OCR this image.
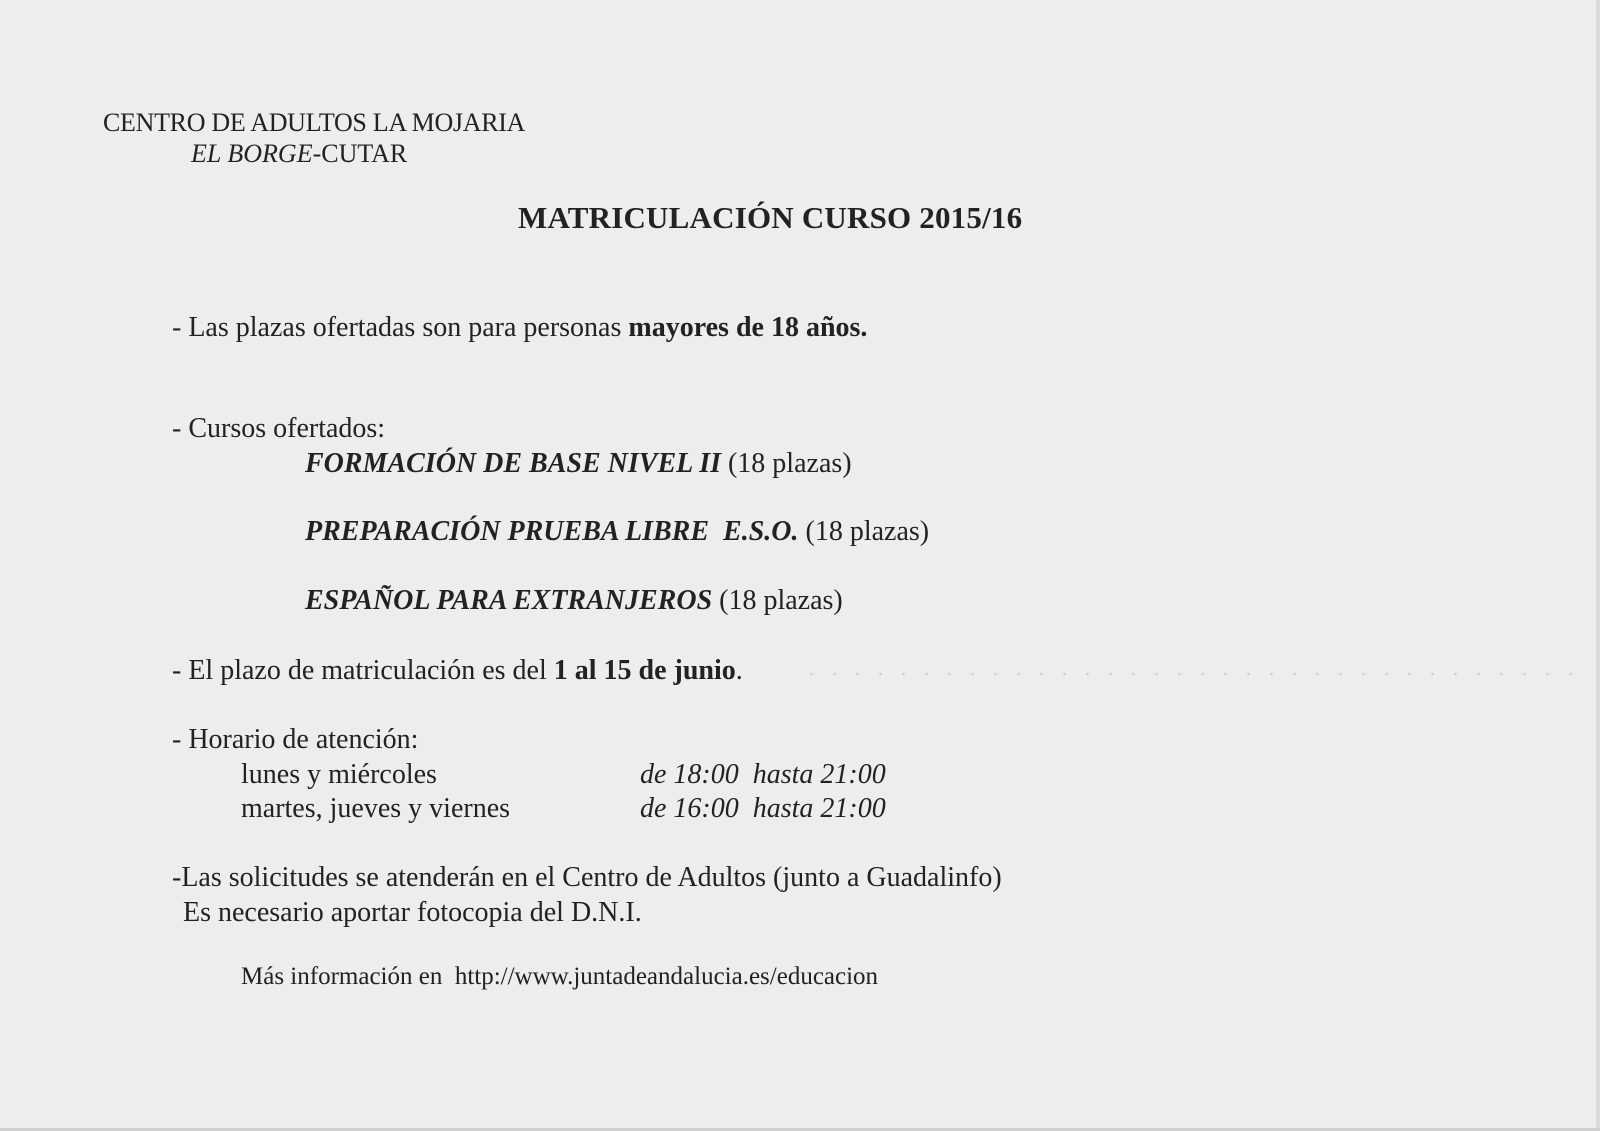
CENTRO DE ADULTOS LA MOJARIA
EL BORGE-CUTAR
MATRICULACIÓN CURSO 2015/16
- Las plazas ofertadas son para personas mayores de 18 años.
- Cursos ofertados:
FORMACIÓN DE BASE NIVEL II (18 plazas)
PREPARACIÓN PRUEBA LIBRE  E.S.O. (18 plazas)
ESPAÑOL PARA EXTRANJEROS (18 plazas)
- El plazo de matriculación es del 1 al 15 de junio.
- Horario de atención:
lunes y miércoles	de 18:00  hasta 21:00
martes, jueves y viernes	de 16:00  hasta 21:00
-Las solicitudes se atenderán en el Centro de Adultos (junto a Guadalinfo)
Es necesario aportar fotocopia del D.N.I.
Más información en  http://www.juntadeandalucia.es/educacion
